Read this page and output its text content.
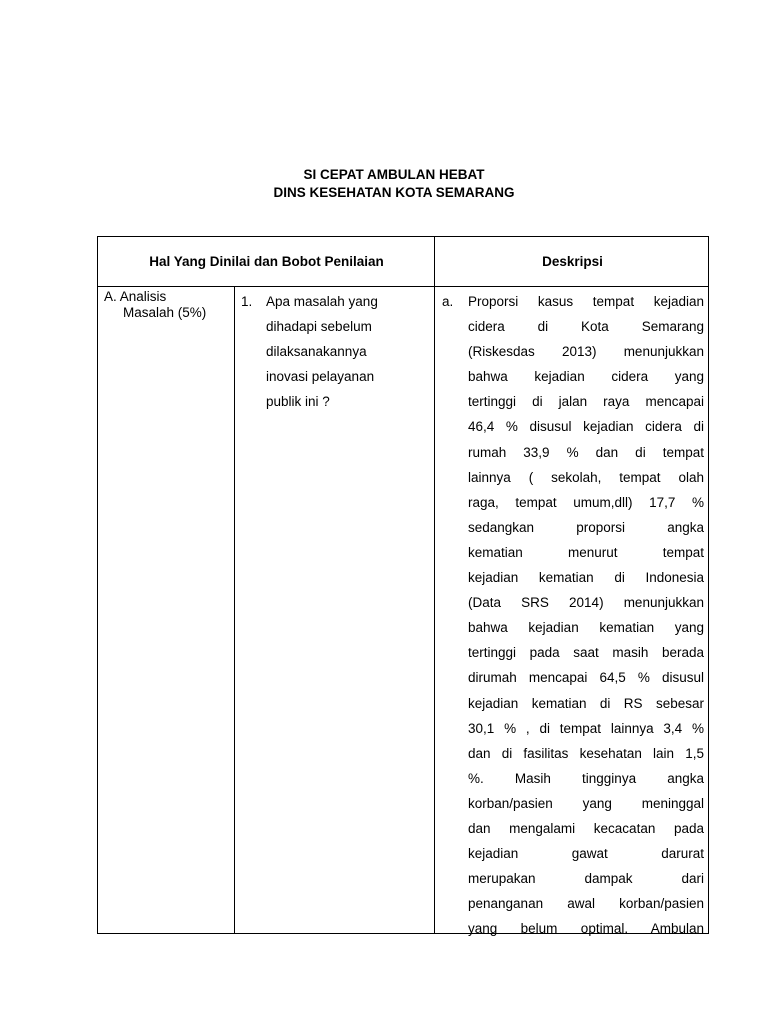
SI CEPAT AMBULAN HEBAT
DINS KESEHATAN KOTA SEMARANG
Hal Yang Dinilai dan Bobot Penilaian	Deskripsi
A. Analisis
Masalah (5%)
1. Apa masalah yang
dihadapi sebelum
dilaksanakannya
inovasi pelayanan
publik ini ?
a. Proporsi kasus tempat kejadian
cidera di Kota Semarang
(Riskesdas 2013) menunjukkan
bahwa kejadian cidera yang
tertinggi di jalan raya mencapai
46,4 % disusul kejadian cidera di
rumah 33,9 % dan di tempat
lainnya ( sekolah, tempat olah
raga, tempat umum,dll) 17,7 %
sedangkan proporsi angka
kematian menurut tempat
kejadian kematian di Indonesia
(Data SRS 2014) menunjukkan
bahwa kejadian kematian yang
tertinggi pada saat masih berada
dirumah mencapai 64,5 % disusul
kejadian kematian di RS sebesar
30,1 % , di tempat lainnya 3,4 %
dan di fasilitas kesehatan lain 1,5
%. Masih tingginya angka
korban/pasien yang meninggal
dan mengalami kecacatan pada
kejadian gawat darurat
merupakan dampak dari
penanganan awal korban/pasien
yang belum optimal. Ambulan
